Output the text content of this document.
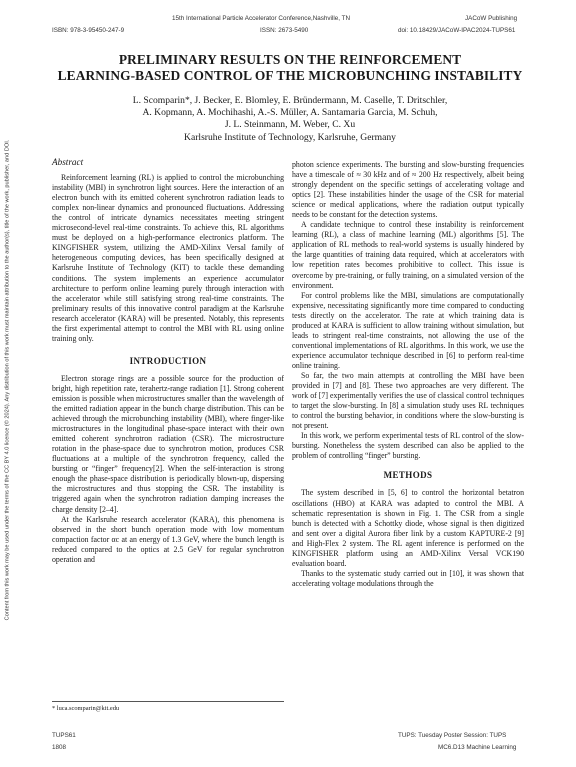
15th International Particle Accelerator Conference,Nashville, TN	JACoW Publishing
ISBN: 978-3-95450-247-9	ISSN: 2673-5490	doi: 10.18429/JACoW-IPAC2024-TUPS61
Content from this work may be used under the terms of the CC BY 4.0 licence (© 2024). Any distribution of this work must maintain attribution to the author(s), title of the work, publisher, and DOI.
PRELIMINARY RESULTS ON THE REINFORCEMENT
LEARNING-BASED CONTROL OF THE MICROBUNCHING INSTABILITY
L. Scomparin*, J. Becker, E. Blomley, E. Bründermann, M. Caselle, T. Dritschler,
A. Kopmann, A. Mochihashi, A.-S. Müller, A. Santamaria Garcia, M. Schuh,
J. L. Steinmann, M. Weber, C. Xu
Karlsruhe Institute of Technology, Karlsruhe, Germany
Abstract

Reinforcement learning (RL) is applied to control the microbunching instability (MBI) in synchrotron light sources. Here the interaction of an electron bunch with its emitted coherent synchrotron radiation leads to complex non-linear dynamics and pronounced fluctuations. Addressing the control of intricate dynamics necessitates meeting stringent microsecond-level real-time constraints. To achieve this, RL algorithms must be deployed on a high-performance electronics platform. The KINGFISHER system, utilizing the AMD-Xilinx Versal family of heterogeneous computing devices, has been specifically designed at Karlsruhe Institute of Technology (KIT) to tackle these demanding conditions. The system implements an experience accumulator architecture to perform online learning purely through interaction with the accelerator while still satisfying strong real-time constraints. The preliminary results of this innovative control paradigm at the Karlsruhe research accelerator (KARA) will be presented. Notably, this represents the first experimental attempt to control the MBI with RL using online training only.

INTRODUCTION

Electron storage rings are a possible source for the production of bright, high repetition rate, terahertz-range radiation [1]. Strong coherent emission is possible when microstructures smaller than the wavelength of the emitted radiation appear in the bunch charge distribution. This can be achieved through the microbunching instability (MBI), where finger-like microstructures in the longitudinal phase-space interact with their own emitted coherent synchrotron radiation (CSR). The microstructure rotation in the phase-space due to synchrotron motion, produces CSR fluctuations at a multiple of the synchrotron frequency, called the bursting or “finger” frequency[2]. When the self-interaction is strong enough the phase-space distribution is periodically blown-up, dispersing the microstructures and thus stopping the CSR. The instability is triggered again when the synchrotron radiation damping increases the charge density [2–4].

At the Karlsruhe research accelerator (KARA), this phenomena is observed in the short bunch operation mode with low momentum compaction factor αc at an energy of 1.3 GeV, where the bunch length is reduced compared to the optics at 2.5 GeV for regular synchrotron operation and

photon science experiments. The bursting and slow-bursting frequencies have a timescale of ≈ 30 kHz and of ≈ 200 Hz respectively, albeit being strongly dependent on the specific settings of accelerating voltage and optics [2]. These instabilities hinder the usage of the CSR for material science or medical applications, where the radiation output typically needs to be constant for the detection systems.

A candidate technique to control these instability is reinforcement learning (RL), a class of machine learning (ML) algorithms [5]. The application of RL methods to real-world systems is usually hindered by the large quantities of training data required, which at accelerators with low repetition rates becomes prohibitive to collect. This issue is overcome by pre-training, or fully training, on a simulated version of the environment.

For control problems like the MBI, simulations are computationally expensive, necessitating significantly more time compared to conducting tests directly on the accelerator. The rate at which training data is produced at KARA is sufficient to allow training without simulation, but leads to stringent real-time constraints, not allowing the use of the conventional implementations of RL algorithms. In this work, we use the experience accumulator technique described in [6] to perform real-time online training.

So far, the two main attempts at controlling the MBI have been provided in [7] and [8]. These two approaches are very different. The work of [7] experimentally verifies the use of classical control techniques to target the slow-bursting. In [8] a simulation study uses RL techniques to control the bursting behavior, in conditions where the slow-bursting is not present.

In this work, we perform experimental tests of RL control of the slow-bursting. Nonetheless the system described can also be applied to the problem of controlling “finger” bursting.

METHODS

The system described in [5, 6] to control the horizontal betatron oscillations (HBO) at KARA was adapted to control the MBI. A schematic representation is shown in Fig. 1. The CSR from a single bunch is detected with a Schottky diode, whose signal is then digitized and sent over a digital Aurora fiber link by a custom KAPTURE-2 [9] and High-Flex 2 system. The RL agent inference is performed on the KINGFISHER platform using an AMD-Xilinx Versal VCK190 evaluation board.

Thanks to the systematic study carried out in [10], it was shown that accelerating voltage modulations through the

* luca.scomparin@kit.edu
TUPS61
1808
TUPS: Tuesday Poster Session: TUPS
MC6.D13 Machine Learning
